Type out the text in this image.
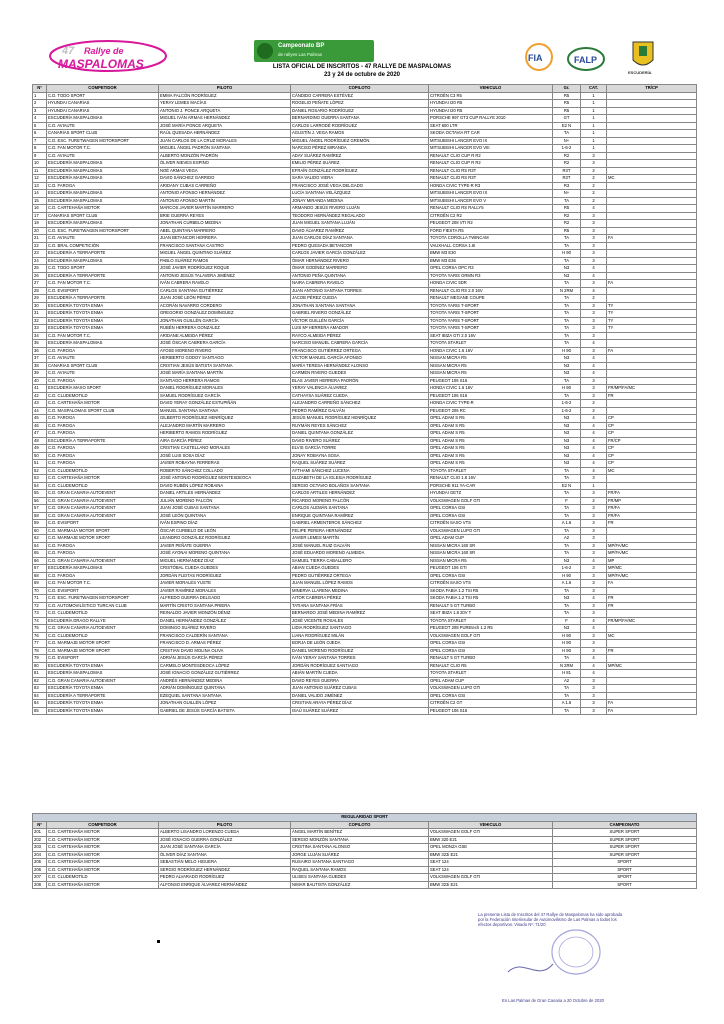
47 Rallye de
MASPALOMAS
Campeonato BP
de rallyes Las Palmas	FIA	FALP
ESCUDERÍA
LISTA OFICIAL DE INSCRITOS - 47 RALLYE DE MASPALOMAS
23 y 24 de octubre de 2020
Nº	COMPETIDOR	PILOTO	COPILOTO	VEHICULO	Gr.	CAT.	TR/CP
1	C.D. TODO SPORT	EMMA FALCÓN RODRÍGUEZ	CÁNDIDO CARRERA ESTÉVEZ	CITROËN C3 R5	R5	1	
2	HYUNDAI CANARIAS	YERAY LEMES MACÍAS	ROGELIO PEÑATE LÓPEZ	HYUNDAI I20 R5	R5	1	
3	HYUNDAI CANARIAS	ANTONIO J. PONCE ARQUETA	DANIEL ROSARIO RODRÍGUEZ	HYUNDAI I20 R5	R5	1	
4	ESCUDERÍA MASPALOMAS	MIGUEL IVÁN ARMAS HERNÁNDEZ	BERNARDINO GUERRA SANTANA	PORSCHE 997 GT3 CUP RALLYE 2010	GT	1	
5	C.D. AVIAUTE	JOSÉ MARÍA PONCE ARQUETA	CARLOS LARRODÉ RODRÍGUEZ	SEAT 600 LTR	E2 N	1	
6	CANARIAS SPORT CLUB	RAÚL QUESADA HERNÁNDEZ	AGUSTÍN J. VEGA RAMOS	SKODA OCTAVIA RT CAR	TA	1	
7	C.D. ESC. FURETWAGEN MOTORSPORT	JUAN CARLOS DE LA CRUZ MORALES	MIGUEL ÁNGEL RODRÍGUEZ GREMÓN	MITSUBISHI LANCER EVO IX	N+	1	
8	C.D. FAN MOTOR T.C.	MIGUEL ÁNGEL PADRÓN SANTANA	NARCISO PÉREZ MIRANDA	MITSUBISHI LANCER EVO VIII	1-6-2	1	
9	C.D. AVIAUTE	ALBERTO MONZÓN PADRÓN	ADAY SUÁREZ RAMÍREZ	RENAULT CLIO CUP R R2	R2	3	
10	ESCUDERÍA MASPALOMAS	ÓLIVER NIEVES ESPINO	EMILIO PÉREZ SUÁREZ	RENAULT CLIO CUP R R2	R2	3	
11	ESCUDERÍA MASPALOMAS	NOÉ ARMAS VEGA	EFRAÍN GONZÁLEZ RODRÍGUEZ	RENAULT CLIO RS R3T	R3T	2	
12	ESCUDERÍA MASPALOMAS	DAVID SÁNCHEZ GARRIDO	SARA VALIDO VIERA	RENAULT CLIO RS R3T	R3T	2	MC
13	C.D. FAROGA	ARIDANY CUBAS CARREÑO	FRANCISCO JOSÉ VEGA DELGADO	HONDA CIVIC TYPE-R R3	R3	2	
14	ESCUDERÍA MASPALOMAS	ANTONIO AFONSO HERNÁNDEZ	LUCÍA SANTANA VELÁZQUEZ	MITSUBISHI LANCER EVO IX	N+	2	
15	ESCUDERÍA MASPALOMAS	ANTONIO AFONSO MARTÍN	JONAY MIRANDA MEDINA	MITSUBISHI LANCER EVO V	TA	2	
16	C.D. CARTEHAÑA MOTOR	MARCOS JAVIER MARTÍN MARRERO	ARMANDO JESÚS RIVERO LUJÁN	RENAULT CLIO RS RALLY5	R5	4	
17	CANARIAS SPORT CLUB	BRIE GUERRA REYES	TEODORO HERNÁNDEZ REGALADO	CITROËN C2 R2	R2	3	
19	ESCUDERÍA MASPALOMAS	JONATHAN CURBELO MEDINA	JUAN MIGUEL SANTANA LUJÁN	PEUGEOT 208 VTI R2	R2	3	
20	C.D. ESC. FURETWAGEN MOTORSPORT	ABEL QUINTANA MARRERO	DAVID ÁLVAREZ RAMÍREZ	FORD FIESTA R5	R5	3	
21	C.D. AVIAUTE	JUAN BETANCOR HERRERA	JUAN CARLOS DÍAZ SANTANA	TOYOTA COROLLA TWINCAM	TA	3	FA
22	C.D. BRAL COMPETICIÓN	FRANCISCO SANTANA CASTRO	PEDRO QUESADA BETANCOR	VAUXHALL CORSA 1.6I	TA	3	
23	ESCUDERÍA A TERRAPORTE	MIGUEL ÁNGEL QUINTINO SUÁREZ	CARLOS JAVIER GARCÍA GONZÁLEZ	BMW M3 E30	H 90	3	
24	ESCUDERÍA MASPALOMAS	PABLO SUÁREZ RAMOS	ÓMAR HERNÁNDEZ RIVERO	BMW M3 E36	TA	3	
25	C.D. TODO SPORT	JOSÉ JAVIER RODRÍGUEZ ROQUE	ÓMAR GODÍNEZ MARRERO	OPEL CORSA OPC R3	N3	4	
26	ESCUDERÍA A TERRAPORTE	ANTONIO JESÚS TALAVERA JIMÉNEZ	ANTONIO PEÑA QUINTANA	TOYOTA YARIS GRMN R3	N3	4	
27	C.D. FAN MOTOR T.C.	IVÁN CABRERA RAVELO	NAIRA CABRERA RAVELO	HONDA CIVIC 5DR	TA	3	FA
28	C.D. EVISPORT	CARLOS SANTANA GUTIÉRREZ	JUAN ANTONIO SANTANA TORRES	RENAULT CLIO RS 2.0 16V	N 2RM	4	
29	ESCUDERÍA A TERRAPORTE	JUAN JOSÉ LEÓN PÉREZ	JACOB PÉREZ CUEDA	RENAULT MEGANE COUPE	TA	2	
30	ESCUDERÍA TOYOTA ENMA	ACORÁN NAVARRO CORDERO	JONATHAN SANTANA SANTANA	TOYOTA YARIS T-SPORT	TA	3	TY
31	ESCUDERÍA TOYOTA ENMA	GREGORIO GONZÁLEZ DOMÍNGUEZ	GABRIEL RIVERO GONZÁLEZ	TOYOTA YARIS T-SPORT	TA	3	TY
32	ESCUDERÍA TOYOTA ENMA	JONATHAN GUILLÉN GARCÍA	VÍCTOR GUILLÉN GARCÍA	TOYOTA YARIS T-SPORT	TA	3	TY
33	ESCUDERÍA TOYOTA ENMA	RUBÉN HERRERA GONZÁLEZ	LUIS Mª HERRERA AMADOR	TOYOTA YARIS T-SPORT	TA	3	TY
34	C.D. FAN MOTOR T.C.	ARIDANE ALMEIDA PÉREZ	RAYCO ALMEIDA PÉREZ	SEAT IBIZA GTI 2.0 16V	TA	3	
35	ESCUDERÍA MASPALOMAS	JOSÉ ÓSCAR CABRERA GARCÍA	NARCISO MANUEL CABRERA GARCÍA	TOYOTA STARLET	TA	4	
36	C.D. FAROGA	AYOSE MORENO RIVERO	FRANCISCO GUTIÉRREZ ORTEGA	HONDA CIVIC 1.6 16V	H 90	3	FA
37	C.D. AVIAUTE	HERIBERTO GODOY SANTIAGO	VÍCTOR MANUEL GARCÍA AFONSO	NISSAN MICRA R5	N3	4	
38	CANARIAS SPORT CLUB	CRISTIAN JESÚS BATISTA SANTANA	MARÍA TERESA HERNÁNDEZ ALONSO	NISSAN MICRA R5	N3	4	
39	C.D. AVIAUTE	JOSÉ MARÍA SANTANA MARTÍN	CARMEN RIVERO GUEDES	NISSAN MICRA R5	N3	4	
40	C.D. FAROGA	SANTIAGO HERRERA RAMOS	BLAS JAVIER HERRERA PADRÓN	PEUGEOT 106 S16	TA	3	
41	ESCUDERÍA MAXO SPORT	DANIEL RODRÍGUEZ MORALES	YERAY VALENCIA ÁLVAREZ	HONDA CIVIC 1.6 16V	H 90	3	FR/MP/FA/MC
42	C.D. CLUDEMOTILD	SAMUEL RODRÍGUEZ GARCÍA	CATHAYSA SUÁREZ CUEDA	PEUGEOT 106 S16	TA	3	FR
43	C.D. CARTEHAÑA MOTOR	DAVID YERAY GONZÁLEZ ESTUPIÑÁN	ALEJANDRO CARREÑO SÁNCHEZ	HONDA CIVIC TYPE-R	1-6-2	2	
44	C.D. MASPALOMAS SPORT CLUB	MANUEL SANTANA SANTANA	PEDRO RAMÍREZ GALVÁN	PEUGEOT 206 RC	1-6-2	2	
45	C.D. FAROGA	GILBERTO RODRÍGUEZ HENRÍQUEZ	JESÚS MANUEL RODRÍGUEZ HENRÍQUEZ	OPEL ADAM S R5	N3	4	CP
46	C.D. FAROGA	ALEJANDRO MARTÍN MARRERO	RUYMÁN REYES SÁNCHEZ	OPEL ADAM S R5	N3	4	CP
47	C.D. FAROGA	HERIBERTO RAMOS RODRÍGUEZ	DANIEL QUINTANA GONZÁLEZ	OPEL ADAM S R5	N3	4	CP
48	ESCUDERÍA A TERRAPORTE	AIRA GARCÍA PÉREZ	DAVID RIVERO SUÁREZ	OPEL ADAM S R5	N3	4	FR/CP
49	C.D. FAROGA	CRISTIAN CASTELLANO MORALES	ELVIS GARCÍA TORRE	OPEL ADAM S R5	N3	4	CP
50	C.D. FAROGA	JOSÉ LUIS SOSA DÍAZ	JONAY ROBAYNA SOSA	OPEL ADAM S R5	N3	4	CP
51	C.D. FAROGA	JAVIER ROBAYNA FERRERAS	RAQUEL SUÁREZ SUÁREZ	OPEL ADAM S R5	N3	4	CP
52	C.D. CLUDEMOTILD	ROBERTO SÁNCHEZ COLLADO	AYTHAMI SÁNCHEZ LUCENA	TOYOTA STARLET	TA	4	MC
53	C.D. CARTEHAÑA MOTOR	JOSÉ ANTONIO RODRÍGUEZ MONTESDEOCA	ELIZABETH DE LA IGLESIA RODRÍGUEZ	RENAULT CLIO 1.8 16V	TA	3	
54	C.D. CLUDEMOTILD	DAVID RUBÉN LÓPEZ ROBAINA	SERGIO OCTAVIO BOLAÑOS SANTANA	PORSCHE 911 YA-CAR	E2 N	1	
55	C.D. GRAN CANARIA AUTOEVENT	DANIEL ARTILES HERNÁNDEZ	CARLOS ARTILES HERNÁNDEZ	HYUNDAI GETZ	TA	3	FR/FA
56	C.D. GRAN CANARIA AUTOEVENT	JULIÁN MORENO FALCÓN	RICARDO MORENO FALCÓN	VOLKSWAGEN GOLF GTI	F	2	FR/MP
57	C.D. GRAN CANARIA AUTOEVENT	JUAN JOSÉ CUBAS SANTANA	CARLOS ALEMÁN SANTANA	OPEL CORSA GSI	TA	3	FR/FA
58	C.D. GRAN CANARIA AUTOEVENT	JOSÉ LEÓN QUINTANA	ENRIQUE QUINTANA RAMÍREZ	OPEL CORSA GSI	TA	3	FR/FA
59	C.D. EVISPORT	IVÁN ESPINO DÍAZ	GABRIEL ARMENTEROS SÁNCHEZ	CITROËN SAXO VTS	A 1.6	3	FR
60	C.D. MARMAJA MOTOR SPORT	ÓSCAR CURBELO DE LEÓN	FELIPE PERERA HERNÁNDEZ	VOLKSWAGEN LUPO GTI	TA	3	
62	C.D. MARMAJE MOTOR SPORT	LEANDRO GONZÁLEZ RODRÍGUEZ	JAVIER LEMES MARTÍN	OPEL ADAM CUP	A2	3	
64	C.D. FAROGA	JAVIER PEÑATE GUERRA	JOSÉ MANUEL RUIZ GALVÁN	NISSAN MICRA 160 SR	TA	3	MP/FA/MC
65	C.D. FAROGA	JOSÉ AYONAI MORENO QUINTANA	JOSÉ EDUARDO MORENO ALMEIDA	NISSAN MICRA 160 SR	TA	3	MP/FA/MC
66	C.D. GRAN CANARIA AUTOEVENT	MIGUEL HERNÁNDEZ DÍAZ	SAMUEL TIERRA CABALLERO	NISSAN MICRA R5	N3	4	MP
67	ESCUDERÍA MASPALOMAS	CRISTÓBAL CUEDA GUEDES	ABIAN CUEDA GUEDES	PEUGEOT 106 GTI	1-6-2	3	MP/MC
68	C.D. FAROGA	JORDÁN FLEITAS RODRÍGUEZ	PEDRO GUTIÉRREZ ORTEGA	OPEL CORSA GSI	H 90	3	MP/FA/MC
69	C.D. FAN MOTOR T.C.	JAVIER MORALES YUSTE	JUAN MANUEL LÓPEZ RAMOS	CITROËN SAXO VTS	A 1.6	3	FA
70	C.D. EVISPORT	JAVIER RAMÍREZ MORALES	MINERVA LLARENA MEDINA	SKODA FABIA 1.2 TSI R5	TA	3	
71	C.D. ESC. FURETWAGEN MOTORSPORT	ALFREDO GUERRA DELGADO	AITOR CABRERA PÉREZ	SKODA FABIA 1.2 TSI R5	N3	4	FR
72	C.D. AUTOMOVILÍSTICO TURCAN CLUB	MARTÍN CRISTO SANTANA PRIERA	TATIANA SANTANA FRÍAS	RENAULT 5 GT TURBO	TA	3	FR
73	C.D. CLUDEMOTILD	REINALDO JAVIER MONZÓN DÉNIZ	BERNARDO JOSÉ MEDINA RAMÍREZ	SEAT IBIZA 1.8 20V T	TA	3	
74	ESCUDERÍA DRAGO RALLYE	DANIEL HERNÁNDEZ GONZÁLEZ	JOSÉ VICENTE ROSALES	TOYOTA STARLET	F	4	FR/MP/FA/MC
75	C.D. GRAN CANARIA AUTOEVENT	DOMINGO SUÁREZ RIVERO	LIDIA RODRÍGUEZ SANTIAGO	PEUGEOT 208 PUREtech 1.2 R5	N3	4	
76	C.D. CLUDEMOTILD	FRANCISCO CALDERÍN SANTANA	LIANA RODRÍGUEZ MILÁN	VOLKSWAGEN GOLF GTI	H 90	3	MC
77	C.D. MARMAJE MOTOR SPORT	FRANCISCO D. ARMAS PÉREZ	BORJA DE LEÓN OJEDA	OPEL CORSA GSI	H 90	3	
78	C.D. MARMAJE MOTOR SPORT	CRISTIAN DAVID MOLINA OLIVA	DANIEL MORENO RODRÍGUEZ	OPEL CORSA GSI	H 90	3	FR
79	C.D. EVISPORT	ADRIÁN JESÚS GARCÍA PÉREZ	IVÁN YERAY SANTANA TORRES	RENAULT 5 GT TURBO	TA	4	
80	ESCUDERÍA TOYOTA ENMA	CARMELO MONTESDEOCA LÓPEZ	JORDÁN RODRÍGUEZ SANTIAGO	RENAULT CLIO R5	N 2RM	4	MP/MC
81	ESCUDERÍA MASPALOMAS	JOSÉ IGNACIO GONZÁLEZ GUTIÉRREZ	ABIÁN MARTÍN CUEDA	TOYOTA STARLET	H 81	4	
82	C.D. GRAN CANARIA AUTOEVENT	ANDRÉS HERNÁNDEZ MEDINA	DAVID REYES GUERRA	OPEL ADAM CUP	A2	3	
83	ESCUDERÍA TOYOTA ENMA	ADRIÁN DOMÍNGUEZ QUINTANA	JUAN ANTONIO SUÁREZ CUBAS	VOLKSWAGEN LUPO GTI	TA	3	
84	ESCUDERÍA A TERRAPORTE	EZEQUIEL SANTANA SANTANA	DANIEL VALIDO JIMÉNEZ	OPEL CORSA GSI	TA	3	
84	ESCUDERÍA TOYOTA ENMA	JONATHAN GUILLÉN LÓPEZ	CRISTIAN ARAYA PÉREZ DÍAZ	CITROËN C2 GT	A 1.6	3	FA
85	ESCUDERÍA TOYOTA ENMA	GABRIEL DE JESÚS GARCÍA BATISTA	ISAÚ SUÁREZ SUÁREZ	PEUGEOT 106 S16	TA	3	FA
REGULARIDAD SPORT					
Nº	COMPETIDOR	PILOTO	COPILOTO	VEHICULO	CAMPEONATO
201	C.D. CARTEHAÑA MOTOR	ALBERTO LISANDRO LORENZO CUEDA	ÁNGEL MARTÍN BENÍTEZ	VOLKSWAGEN GOLF GTI	SUPER SPORT
202	C.D. CARTEHAÑA MOTOR	JOSÉ IGNACIO GUERRA GONZÁLEZ	SERGIO MONZÓN SANTANA	BMW 320 E21	SUPER SPORT
203	C.D. CARTEHAÑA MOTOR	JUAN JOSÉ SANTANA GARCÍA	CRISTINA SANTANA ALONSO	OPEL MONZA GSE	SUPER SPORT
204	C.D. CARTEHAÑA MOTOR	ÓLIVER DÍAZ SANTANA	JORGE LUJÁN SUÁREZ	BMW 323i E21	SUPER SPORT
205	C.D. CARTEHAÑA MOTOR	SEBASTIÁN MELO HIGUERA	RUSAIRO SANTANA SANTIAGO	SEAT 124	SPORT
206	C.D. CARTEHAÑA MOTOR	SERGIO RODRÍGUEZ HERNÁNDEZ	RAQUEL SANTANA RAMOS	SEAT 124	SPORT
207	C.D. CLUDEMOTILD	PEDRO ALVARADO RODRÍGUEZ	ULISES SANTANA GUEDES	VOLKSWAGEN GOLF GTI	SPORT
208	C.D. CARTEHAÑA MOTOR	ALFONSO ENRIQUE ÁLVAREZ HERNÁNDEZ	NIMAR BAUTISTA GONZÁLEZ	BMW 323i E21	SPORT
La presente Lista de Inscritos del 47 Rallye de Maspalomas ha sido aprobada por la Federación Interinsular de Automovilismo de Las Palmas a todos los efectos deportivos. Visado Nº: 71/20
En Las Palmas de Gran Canaria a 20 Octubre de 2020
